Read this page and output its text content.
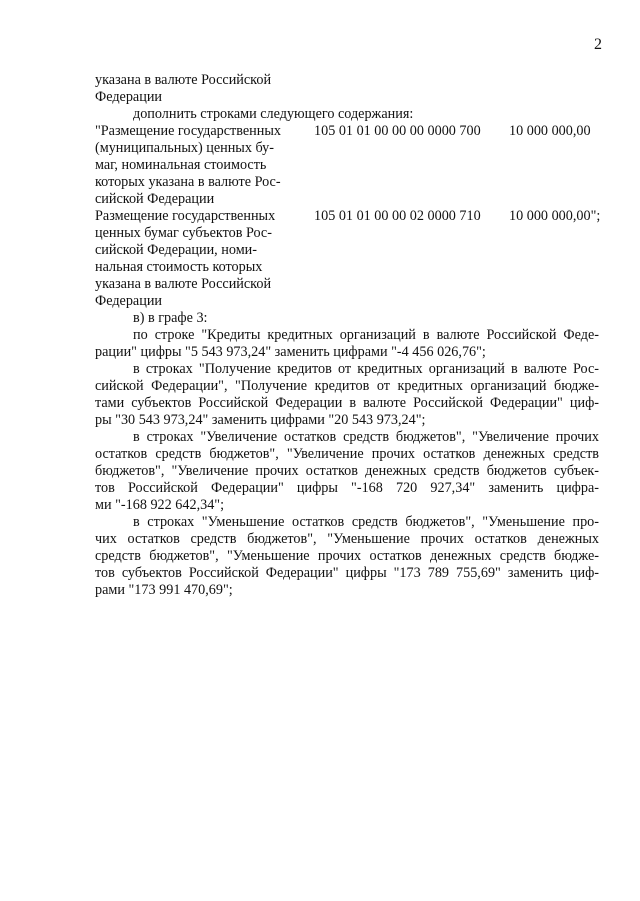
2
указана в валюте Российской
Федерации
дополнить строками следующего содержания:
"Размещение государственных
(муниципальных) ценных бу-
маг, номинальная стоимость
которых указана в валюте Рос-
сийской Федерации
105 01 01 00 00 00 0000 700 10 000 000,00
Размещение государственных
ценных бумаг субъектов Рос-
сийской Федерации, номи-
нальная стоимость которых
указана в валюте Российской
Федерации
105 01 01 00 00 02 0000 710 10 000 000,00";
в) в графе 3:
по строке "Кредиты кредитных организаций в валюте Российской Феде-
рации" цифры "5 543 973,24" заменить цифрами "-4 456 026,76";
в строках "Получение кредитов от кредитных организаций в валюте Рос-
сийской Федерации", "Получение кредитов от кредитных организаций бюдже-
тами субъектов Российской Федерации в валюте Российской Федерации" циф-
ры "30 543 973,24" заменить цифрами "20 543 973,24";
в строках "Увеличение остатков средств бюджетов", "Увеличение прочих
остатков средств бюджетов", "Увеличение прочих остатков денежных средств
бюджетов", "Увеличение прочих остатков денежных средств бюджетов субъек-
тов Российской Федерации" цифры "-168 720 927,34" заменить цифра-
ми "-168 922 642,34";
в строках "Уменьшение остатков средств бюджетов", "Уменьшение про-
чих остатков средств бюджетов", "Уменьшение прочих остатков денежных
средств бюджетов", "Уменьшение прочих остатков денежных средств бюдже-
тов субъектов Российской Федерации" цифры "173 789 755,69" заменить циф-
рами "173 991 470,69";
